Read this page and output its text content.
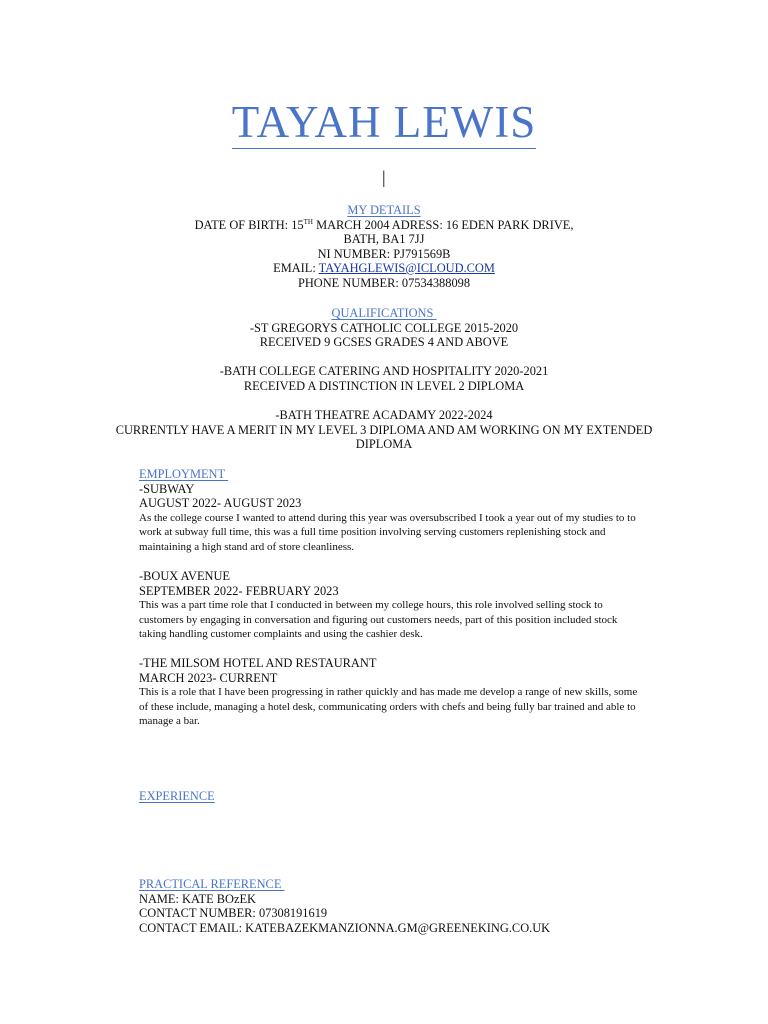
TAYAH LEWIS
|
MY DETAILS
DATE OF BIRTH: 15TH MARCH 2004 ADRESS: 16 EDEN PARK DRIVE,
BATH, BA1 7JJ
NI NUMBER: PJ791569B
EMAIL: TAYAHGLEWIS@ICLOUD.COM
PHONE NUMBER: 07534388098
QUALIFICATIONS
-ST GREGORYS CATHOLIC COLLEGE 2015-2020
RECEIVED 9 GCSES GRADES 4 AND ABOVE
-BATH COLLEGE CATERING AND HOSPITALITY 2020-2021
RECEIVED A DISTINCTION IN LEVEL 2 DIPLOMA
-BATH THEATRE ACADAMY 2022-2024
CURRENTLY HAVE A MERIT IN MY LEVEL 3 DIPLOMA AND AM WORKING ON MY EXTENDED
DIPLOMA
EMPLOYMENT
-SUBWAY
AUGUST 2022- AUGUST 2023
As the college course I wanted to attend during this year was oversubscribed I took a year out of my studies to to
work at subway full time, this was a full time position involving serving customers replenishing stock and
maintaining a high stand ard of store cleanliness.
-BOUX AVENUE
SEPTEMBER 2022- FEBRUARY 2023
This was a part time role that I conducted in between my college hours, this role involved selling stock to
customers by engaging in conversation and figuring out customers needs, part of this position included stock
taking handling customer complaints and using the cashier desk.
-THE MILSOM HOTEL AND RESTAURANT
MARCH 2023- CURRENT
This is a role that I have been progressing in rather quickly and has made me develop a range of new skills, some
of these include, managing a hotel desk, communicating orders with chefs and being fully bar trained and able to
manage a bar.
EXPERIENCE
PRACTICAL REFERENCE
NAME: KATE BOzEK
CONTACT NUMBER: 07308191619
CONTACT EMAIL: KATEBAZEKMANZIONNA.GM@GREENEKING.CO.UK
